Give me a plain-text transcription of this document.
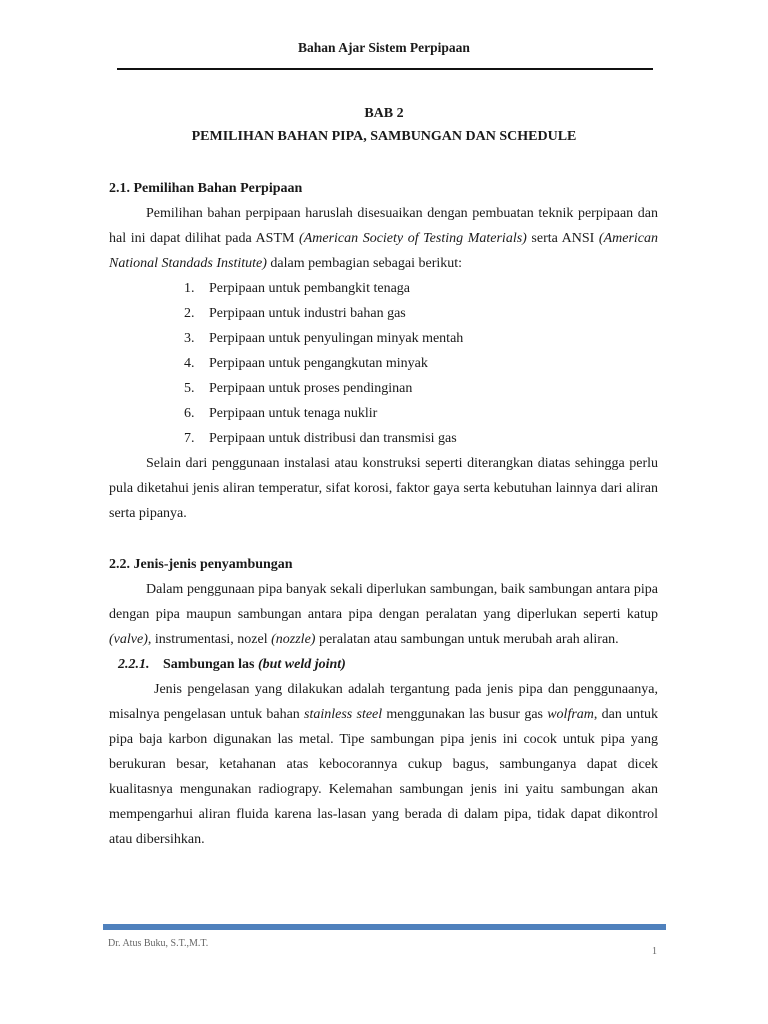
Bahan Ajar Sistem Perpipaan
BAB 2
PEMILIHAN BAHAN PIPA, SAMBUNGAN DAN SCHEDULE
2.1. Pemilihan Bahan Perpipaan

Pemilihan bahan perpipaan haruslah disesuaikan dengan pembuatan teknik perpipaan dan hal ini dapat dilihat pada ASTM (American Society of Testing Materials) serta ANSI (American National Standads Institute) dalam pembagian sebagai berikut:

1. Perpipaan untuk pembangkit tenaga
2. Perpipaan untuk industri bahan gas
3. Perpipaan untuk penyulingan minyak mentah
4. Perpipaan untuk pengangkutan minyak
5. Perpipaan untuk proses pendinginan
6. Perpipaan untuk tenaga nuklir
7. Perpipaan untuk distribusi dan transmisi gas

Selain dari penggunaan instalasi atau konstruksi seperti diterangkan diatas sehingga perlu pula diketahui jenis aliran temperatur, sifat korosi, faktor gaya serta kebutuhan lainnya dari aliran serta pipanya.

2.2. Jenis-jenis penyambungan

Dalam penggunaan pipa banyak sekali diperlukan sambungan, baik sambungan antara pipa dengan pipa maupun sambungan antara pipa dengan peralatan yang diperlukan seperti katup (valve), instrumentasi, nozel (nozzle) peralatan atau sambungan untuk merubah arah aliran.

2.2.1. Sambungan las (but weld joint)

Jenis pengelasan yang dilakukan adalah tergantung pada jenis pipa dan penggunaanya, misalnya pengelasan untuk bahan stainless steel menggunakan las busur gas wolfram, dan untuk pipa baja karbon digunakan las metal. Tipe sambungan pipa jenis ini cocok untuk pipa yang berukuran besar, ketahanan atas kebocorannya cukup bagus, sambunganya dapat dicek kualitasnya mengunakan radiograpy. Kelemahan sambungan jenis ini yaitu sambungan akan mempengarhui aliran fluida karena las-lasan yang berada di dalam pipa, tidak dapat dikontrol atau dibersihkan.

Dr. Atus Buku, S.T.,M.T.
1
